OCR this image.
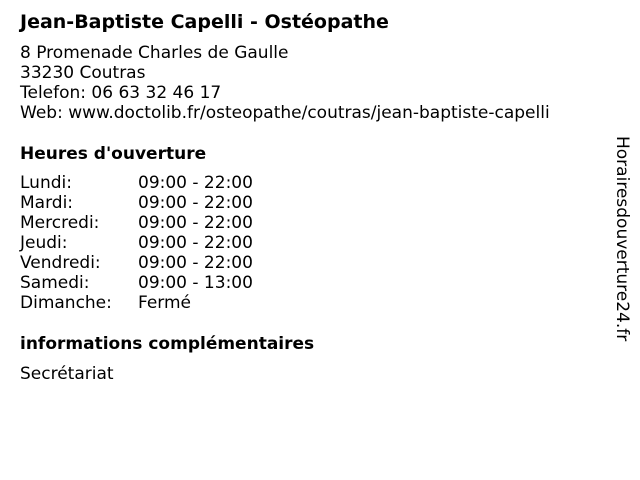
Jean-Baptiste Capelli - Ostéopathe
8 Promenade Charles de Gaulle
33230 Coutras
Telefon: 06 63 32 46 17
Web: www.doctolib.fr/osteopathe/coutras/jean-baptiste-capelli
Heures d'ouverture
Lundi:	09:00 - 22:00
Mardi:	09:00 - 22:00
Mercredi:	09:00 - 22:00
Jeudi:	09:00 - 22:00
Vendredi:	09:00 - 22:00
Samedi:	09:00 - 13:00
Dimanche:	Fermé
informations complémentaires
Secrétariat
Horairesdouverture24.fr
